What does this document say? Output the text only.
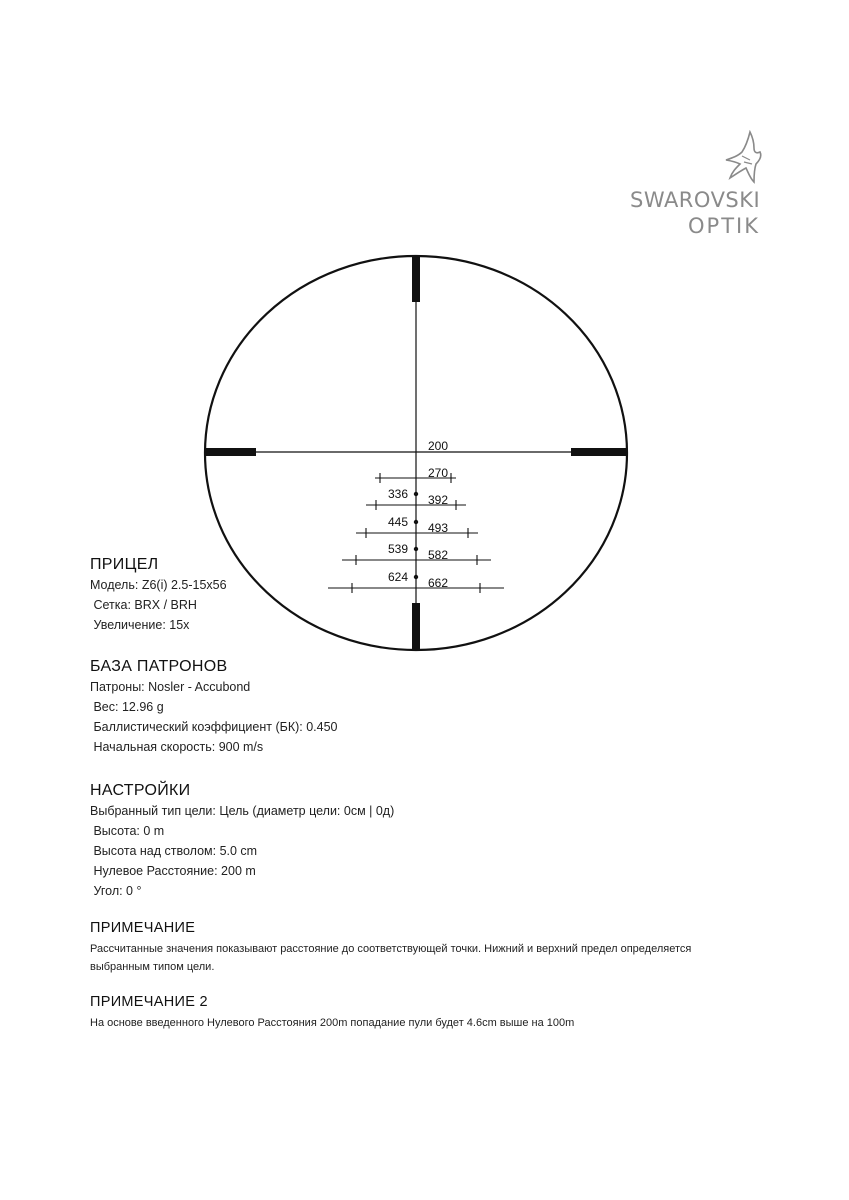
SWAROVSKI
OPTIK
200
270
336 392
445 493
539 582
624 662
ПРИЦЕЛ
Модель: Z6(i) 2.5-15x56
Сетка: BRX / BRH
Увеличение: 15x
БАЗА ПАТРОНОВ
Патроны: Nosler - Accubond
Вес: 12.96 g
Баллистический коэффициент (БК): 0.450
Начальная скорость: 900 m/s
НАСТРОЙКИ
Выбранный тип цели: Цель (диаметр цели: 0см | 0д)
Высота: 0 m
Высота над стволом: 5.0 cm
Нулевое Расстояние: 200 m
Угол: 0 °
ПРИМЕЧАНИЕ
Рассчитанные значения показывают расстояние до соответствующей точки. Нижний и верхний предел определяется выбранным типом цели.
ПРИМЕЧАНИЕ 2
На основе введенного Нулевого Расстояния 200m попадание пули будет 4.6cm выше на 100m
